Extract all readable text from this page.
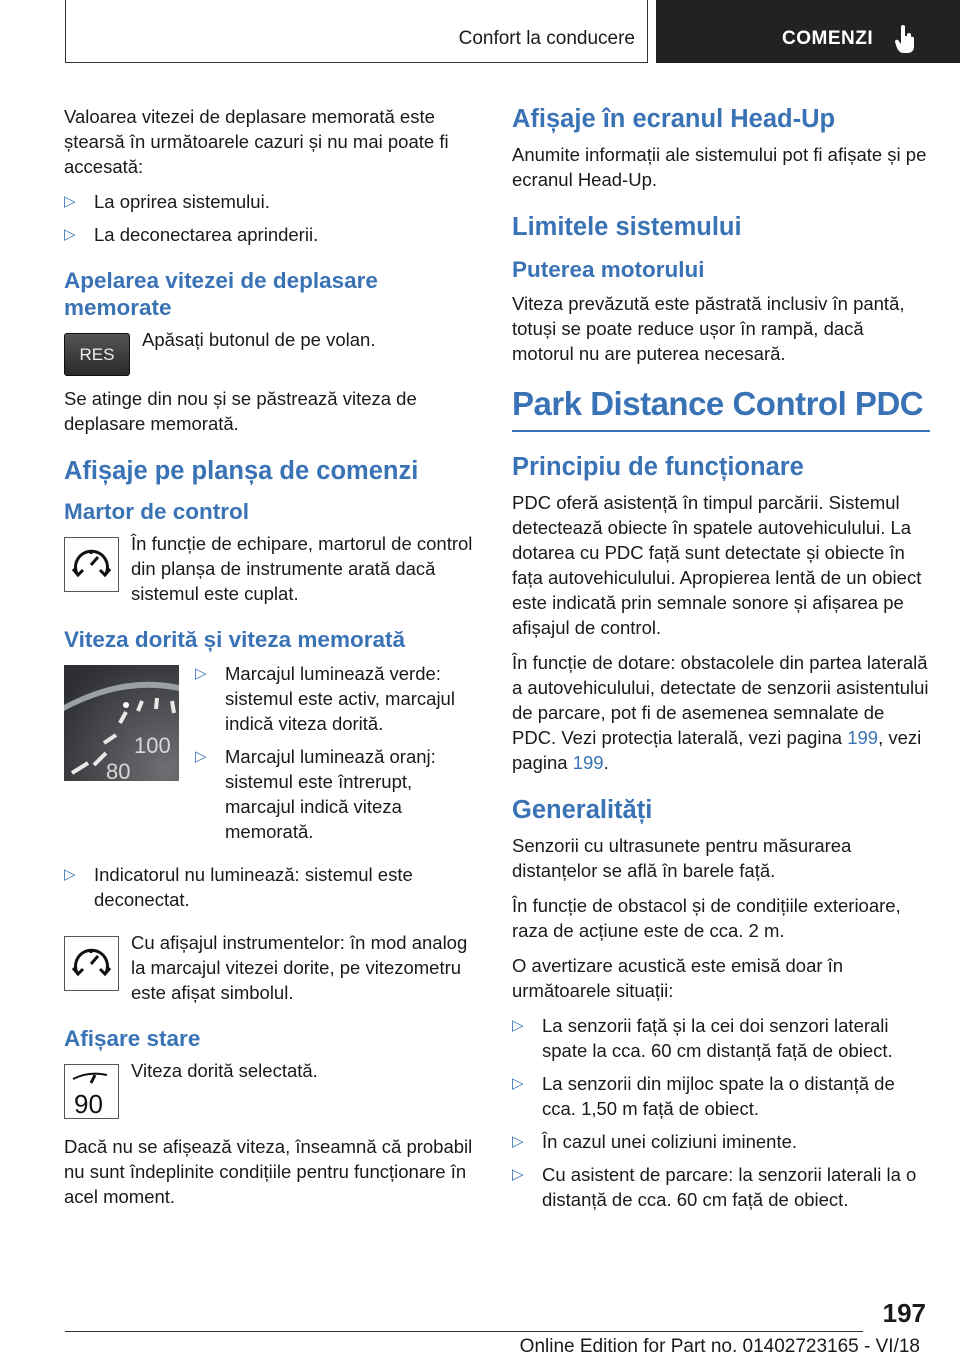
Confort la conducere	COMENZI

Valoarea vitezei de deplasare memorată este ștearsă în următoarele cazuri și nu mai poate fi accesată:

▷ La oprirea sistemului.
▷ La deconectarea aprinderii.
Apelarea vitezei de deplasare memorate
RES

Apăsați butonul de pe volan.

Se atinge din nou și se păstrează viteza de deplasare memorată.

Afișaje pe planșa de comenzi
Martor de control

În funcție de echipare, martorul de control din planșa de instrumente arată dacă sistemul este cuplat.

Viteza dorită și viteza memorată
100
80
▷ Marcajul luminează verde: sistemul este activ, marcajul indică viteza dorită.
▷ Marcajul luminează oranj: sistemul este întrerupt, marcajul indică viteza memorată.
▷ Indicatorul nu luminează: sistemul este deconectat.

Cu afișajul instrumentelor: în mod analog la marcajul vitezei dorite, pe vitezometru este afișat simbolul.

Afișare stare
90

Viteza dorită selectată.

Dacă nu se afișează viteza, înseamnă că probabil nu sunt îndeplinite condițiile pentru funcționare în acel moment.

Afișaje în ecranul Head-Up

Anumite informații ale sistemului pot fi afișate și pe ecranul Head-Up.

Limitele sistemului
Puterea motorului

Viteza prevăzută este păstrată inclusiv în pantă, totuși se poate reduce ușor în rampă, dacă motorul nu are puterea necesară.

Park Distance Control PDC
Principiu de funcționare

PDC oferă asistență în timpul parcării. Sistemul detectează obiecte în spatele autovehiculului. La dotarea cu PDC față sunt detectate și obiecte în fața autovehiculului. Apropierea lentă de un obiect este indicată prin semnale sonore și afișarea pe afișajul de control.

În funcție de dotare: obstacolele din partea laterală a autovehiculului, detectate de senzorii asistentului de parcare, pot fi de asemenea semnalate de PDC. Vezi protecția laterală, vezi pagina 199, vezi pagina 199.

Generalități

Senzorii cu ultrasunete pentru măsurarea distanțelor se află în barele față.

În funcție de obstacol și de condițiile exterioare, raza de acțiune este de cca. 2 m.

O avertizare acustică este emisă doar în următoarele situații:

▷ La senzorii față și la cei doi senzori laterali spate la cca. 60 cm distanță față de obiect.
▷ La senzorii din mijloc spate la o distanță de cca. 1,50 m față de obiect.
▷ În cazul unei coliziuni iminente.
▷ Cu asistent de parcare: la senzorii laterali la o distanță de cca. 60 cm față de obiect.
197
Online Edition for Part no. 01402723165 - VI/18
